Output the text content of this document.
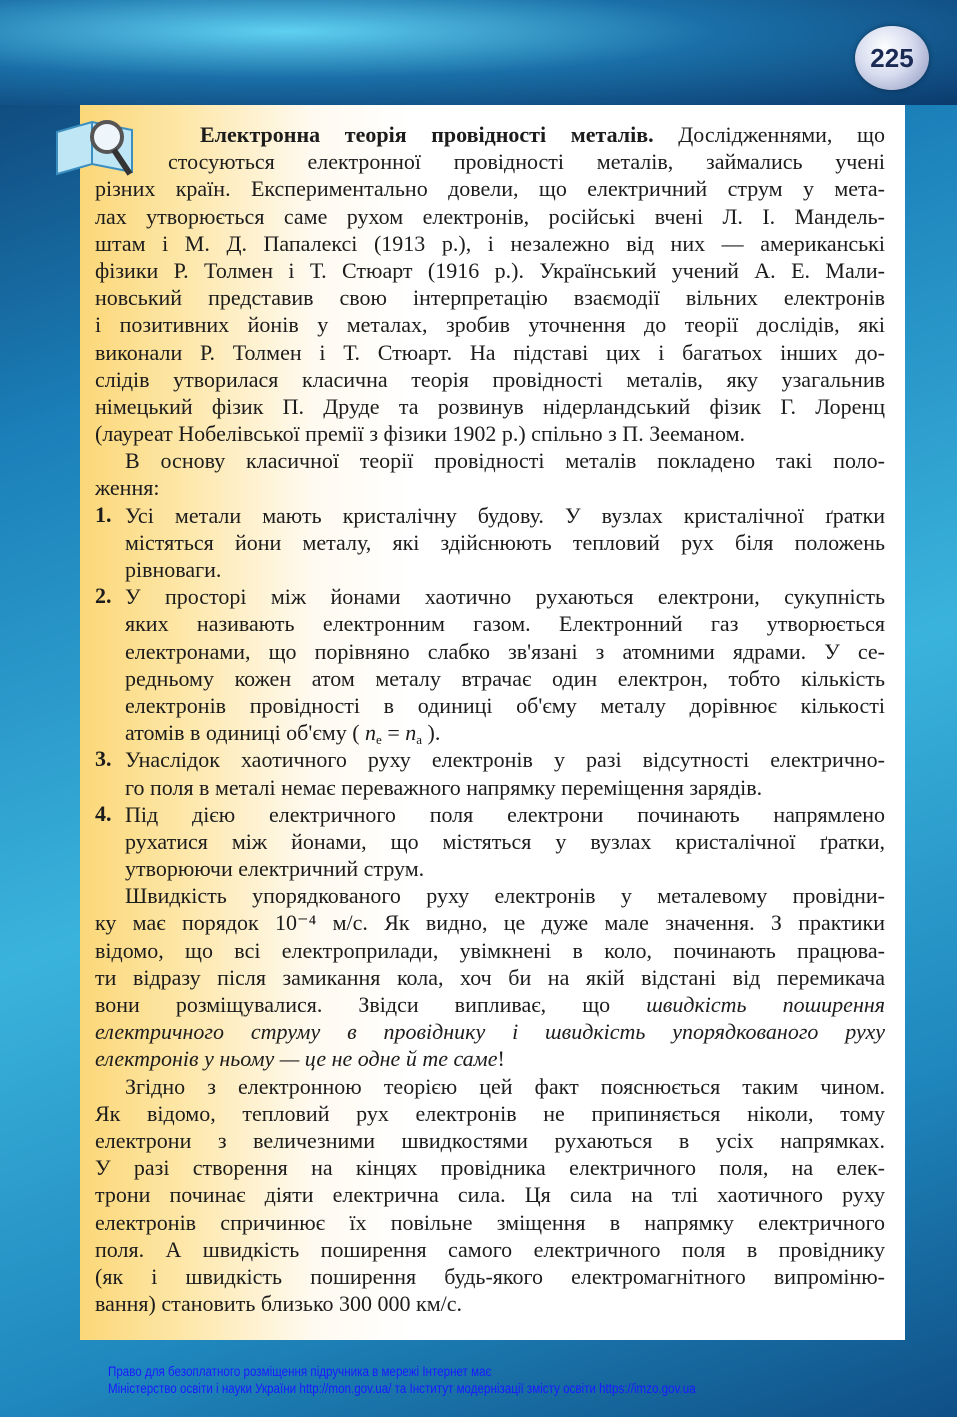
225
Електронна теорія провідності металів. Дослідженнями, що
стосуються електронної провідності металів, займались учені
різних країн. Експериментально довели, що електричний струм у мета-
лах утворюється саме рухом електронів, російські вчені Л. І. Мандель-
штам і М. Д. Папалексі (1913 р.), і незалежно від них — американські
фізики Р. Толмен і Т. Стюарт (1916 р.). Український учений А. Е. Мали-
новський представив свою інтерпретацію взаємодії вільних електронів
і позитивних йонів у металах, зробив уточнення до теорії дослідів, які
виконали Р. Толмен і Т. Стюарт. На підставі цих і багатьох інших до-
слідів утворилася класична теорія провідності металів, яку узагальнив
німецький фізик П. Друде та розвинув нідерландський фізик Г. Лоренц
(лауреат Нобелівської премії з фізики 1902 р.) спільно з П. Зееманом.
В основу класичної теорії провідності металів покладено такі поло-
ження:
1. Усі метали мають кристалічну будову. У вузлах кристалічної ґратки
містяться йони металу, які здійснюють тепловий рух біля положень
рівноваги.
2. У просторі між йонами хаотично рухаються електрони, сукупність
яких називають електронним газом. Електронний газ утворюється
електронами, що порівняно слабко зв'язані з атомними ядрами. У се-
редньому кожен атом металу втрачає один електрон, тобто кількість
електронів провідності в одиниці об'єму металу дорівнює кількості
атомів в одиниці об'єму ( $n_e = n_a$ ).
3. Унаслідок хаотичного руху електронів у разі відсутності електрично-
го поля в металі немає переважного напрямку переміщення зарядів.
4. Під дією електричного поля електрони починають напрямлено
рухатися між йонами, що містяться у вузлах кристалічної ґратки,
утворюючи електричний струм.
Швидкість упорядкованого руху електронів у металевому провідни-
ку має порядок 10⁻⁴ м/с. Як видно, це дуже мале значення. З практики
відомо, що всі електроприлади, увімкнені в коло, починають працюва-
ти відразу після замикання кола, хоч би на якій відстані від перемикача
вони розміщувалися. Звідси випливає, що швидкість поширення
електричного струму в провіднику і швидкість упорядкованого руху
електронів у ньому — це не одне й те саме!
Згідно з електронною теорією цей факт пояснюється таким чином.
Як відомо, тепловий рух електронів не припиняється ніколи, тому
електрони з величезними швидкостями рухаються в усіх напрямках.
У разі створення на кінцях провідника електричного поля, на елек-
трони починає діяти електрична сила. Ця сила на тлі хаотичного руху
електронів спричинює їх повільне зміщення в напрямку електричного
поля. А швидкість поширення самого електричного поля в провіднику
(як і швидкість поширення будь-якого електромагнітного випроміню-
вання) становить близько 300 000 км/с.
Право для безоплатного розміщення підручника в мережі Інтернет має
Міністерство освіти і науки України http://mon.gov.ua/ та Інститут модернізації змісту освіти https://imzo.gov.ua
